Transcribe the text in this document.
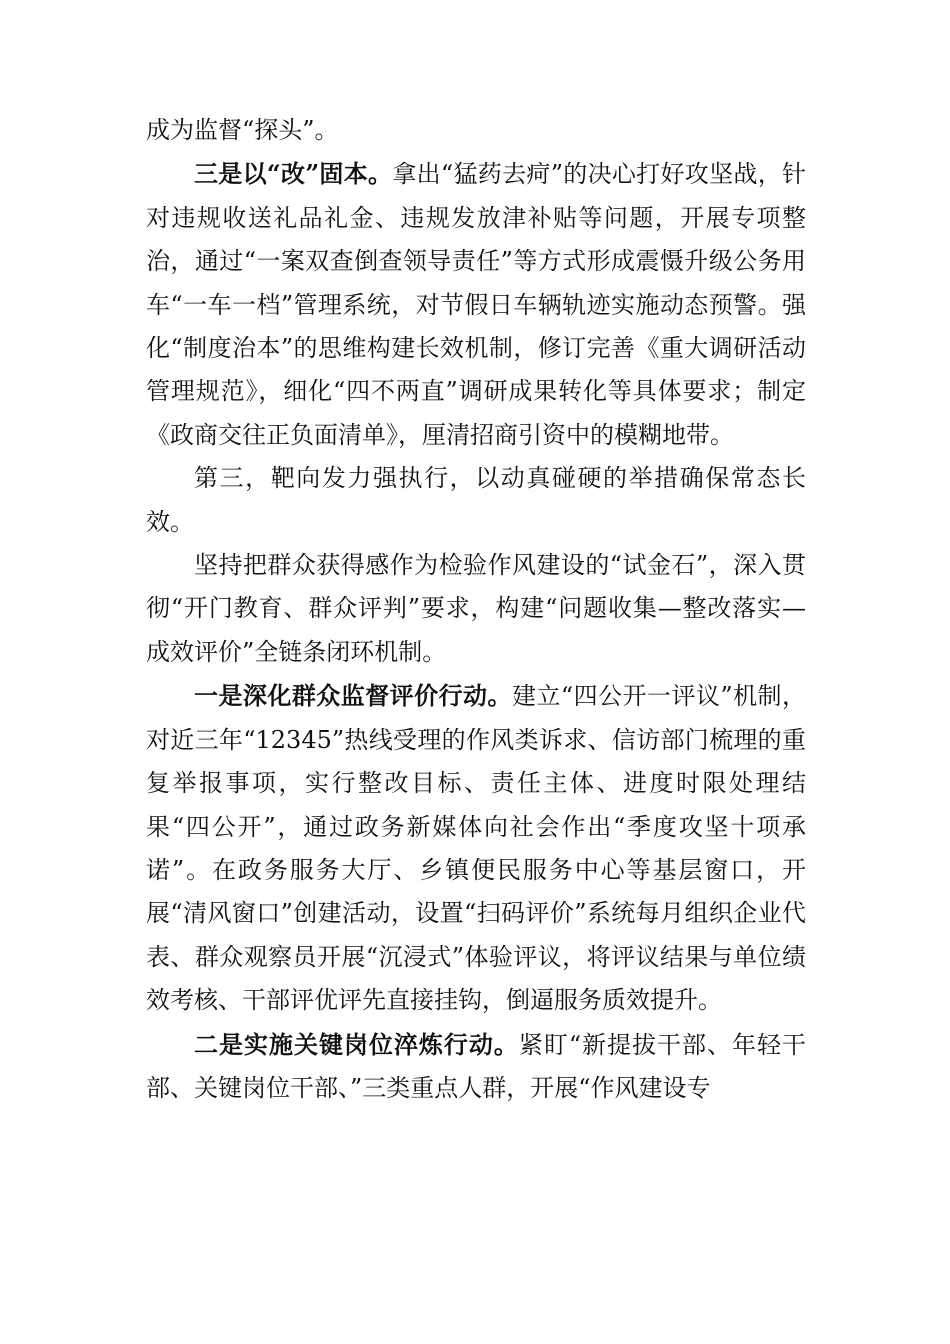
成为监督“探头”。

三是以“改”固本。拿出“猛药去疴”的决心打好攻坚战，针对违规收送礼品礼金、违规发放津补贴等问题，开展专项整治，通过“一案双查倒查领导责任”等方式形成震慑升级公务用车“一车一档”管理系统，对节假日车辆轨迹实施动态预警。强化“制度治本”的思维构建长效机制，修订完善《重大调研活动管理规范》，细化“四不两直”调研成果转化等具体要求；制定《政商交往正负面清单》，厘清招商引资中的模糊地带。

第三，靶向发力强执行，以动真碰硬的举措确保常态长效。

坚持把群众获得感作为检验作风建设的“试金石”，深入贯彻“开门教育、群众评判”要求，构建“问题收集—整改落实—成效评价”全链条闭环机制。

一是深化群众监督评价行动。建立“四公开一评议”机制，对近三年“12345”热线受理的作风类诉求、信访部门梳理的重复举报事项，实行整改目标、责任主体、进度时限处理结果“四公开”，通过政务新媒体向社会作出“季度攻坚十项承诺”。在政务服务大厅、乡镇便民服务中心等基层窗口，开展“清风窗口”创建活动，设置“扫码评价”系统每月组织企业代表、群众观察员开展“沉浸式”体验评议，将评议结果与单位绩效考核、干部评优评先直接挂钩，倒逼服务质效提升。

二是实施关键岗位淬炼行动。紧盯“新提拔干部、年轻干部、关键岗位干部、”三类重点人群，开展“作风建设专
